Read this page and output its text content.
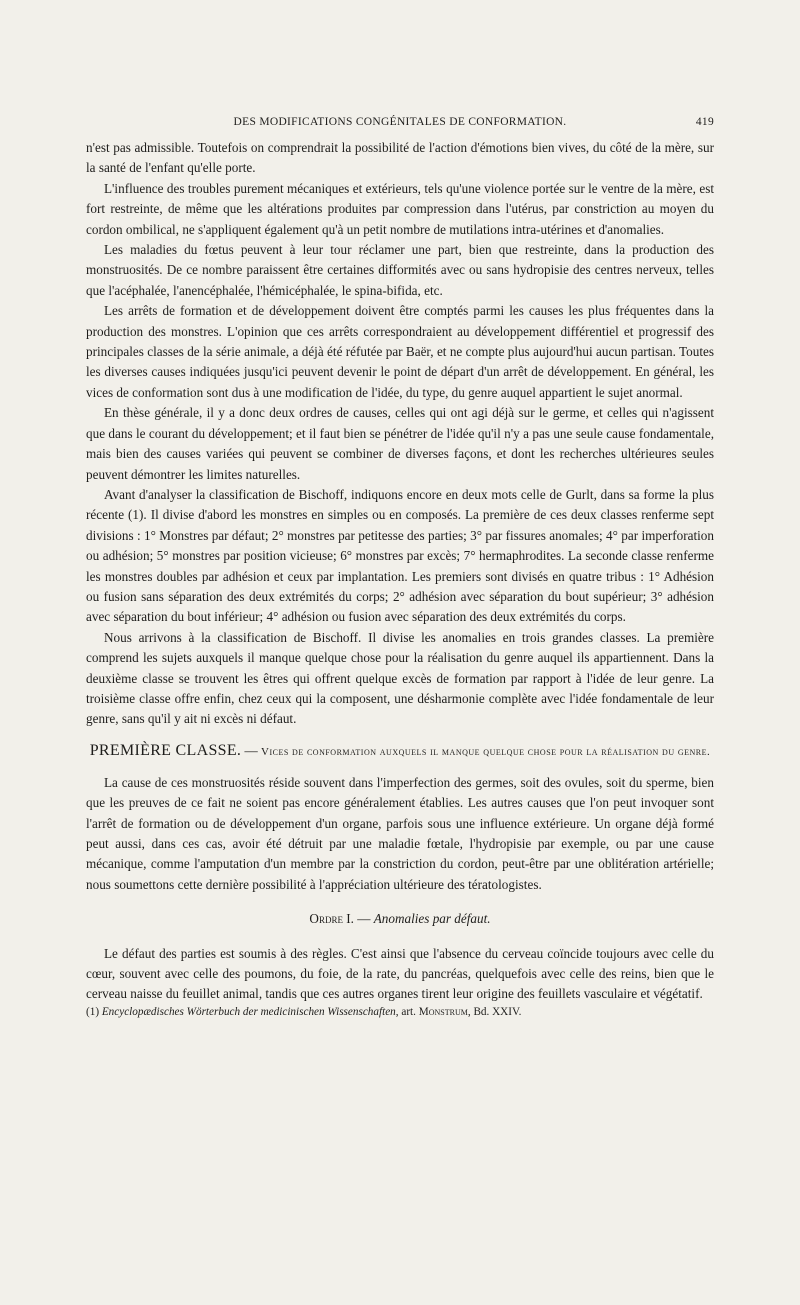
DES MODIFICATIONS CONGÉNITALES DE CONFORMATION.	419

n'est pas admissible. Toutefois on comprendrait la possibilité de l'action d'émotions bien vives, du côté de la mère, sur la santé de l'enfant qu'elle porte.

L'influence des troubles purement mécaniques et extérieurs, tels qu'une violence portée sur le ventre de la mère, est fort restreinte, de même que les altérations produites par compression dans l'utérus, par constriction au moyen du cordon ombilical, ne s'appliquent également qu'à un petit nombre de mutilations intra-utérines et d'anomalies.

Les maladies du fœtus peuvent à leur tour réclamer une part, bien que restreinte, dans la production des monstruosités. De ce nombre paraissent être certaines difformités avec ou sans hydropisie des centres nerveux, telles que l'acéphalée, l'anencéphalée, l'hémicéphalée, le spina-bifida, etc.

Les arrêts de formation et de développement doivent être comptés parmi les causes les plus fréquentes dans la production des monstres. L'opinion que ces arrêts correspondraient au développement différentiel et progressif des principales classes de la série animale, a déjà été réfutée par Baër, et ne compte plus aujourd'hui aucun partisan. Toutes les diverses causes indiquées jusqu'ici peuvent devenir le point de départ d'un arrêt de développement. En général, les vices de conformation sont dus à une modification de l'idée, du type, du genre auquel appartient le sujet anormal.

En thèse générale, il y a donc deux ordres de causes, celles qui ont agi déjà sur le germe, et celles qui n'agissent que dans le courant du développement; et il faut bien se pénétrer de l'idée qu'il n'y a pas une seule cause fondamentale, mais bien des causes variées qui peuvent se combiner de diverses façons, et dont les recherches ultérieures seules peuvent démontrer les limites naturelles.

Avant d'analyser la classification de Bischoff, indiquons encore en deux mots celle de Gurlt, dans sa forme la plus récente (1). Il divise d'abord les monstres en simples ou en composés. La première de ces deux classes renferme sept divisions : 1° Monstres par défaut; 2° monstres par petitesse des parties; 3° par fissures anomales; 4° par imperforation ou adhésion; 5° monstres par position vicieuse; 6° monstres par excès; 7° hermaphrodites. La seconde classe renferme les monstres doubles par adhésion et ceux par implantation. Les premiers sont divisés en quatre tribus : 1° Adhésion ou fusion sans séparation des deux extrémités du corps; 2° adhésion avec séparation du bout supérieur; 3° adhésion avec séparation du bout inférieur; 4° adhésion ou fusion avec séparation des deux extrémités du corps.

Nous arrivons à la classification de Bischoff. Il divise les anomalies en trois grandes classes. La première comprend les sujets auxquels il manque quelque chose pour la réalisation du genre auquel ils appartiennent. Dans la deuxième classe se trouvent les êtres qui offrent quelque excès de formation par rapport à l'idée de leur genre. La troisième classe offre enfin, chez ceux qui la composent, une désharmonie complète avec l'idée fondamentale de leur genre, sans qu'il y ait ni excès ni défaut.

PREMIÈRE CLASSE. — Vices de conformation auxquels il manque quelque chose pour la réalisation du genre.

La cause de ces monstruosités réside souvent dans l'imperfection des germes, soit des ovules, soit du sperme, bien que les preuves de ce fait ne soient pas encore généralement établies. Les autres causes que l'on peut invoquer sont l'arrêt de formation ou de développement d'un organe, parfois sous une influence extérieure. Un organe déjà formé peut aussi, dans ces cas, avoir été détruit par une maladie fœtale, l'hydropisie par exemple, ou par une cause mécanique, comme l'amputation d'un membre par la constriction du cordon, peut-être par une oblitération artérielle; nous soumettons cette dernière possibilité à l'appréciation ultérieure des tératologistes.

Ordre I. — Anomalies par défaut.

Le défaut des parties est soumis à des règles. C'est ainsi que l'absence du cerveau coïncide toujours avec celle du cœur, souvent avec celle des poumons, du foie, de la rate, du pancréas, quelquefois avec celle des reins, bien que le cerveau naisse du feuillet animal, tandis que ces autres organes tirent leur origine des feuillets vasculaire et végétatif.

(1) Encyclopædisches Wörterbuch der medicinischen Wissenschaften, art. Monstrum, Bd. XXIV.
